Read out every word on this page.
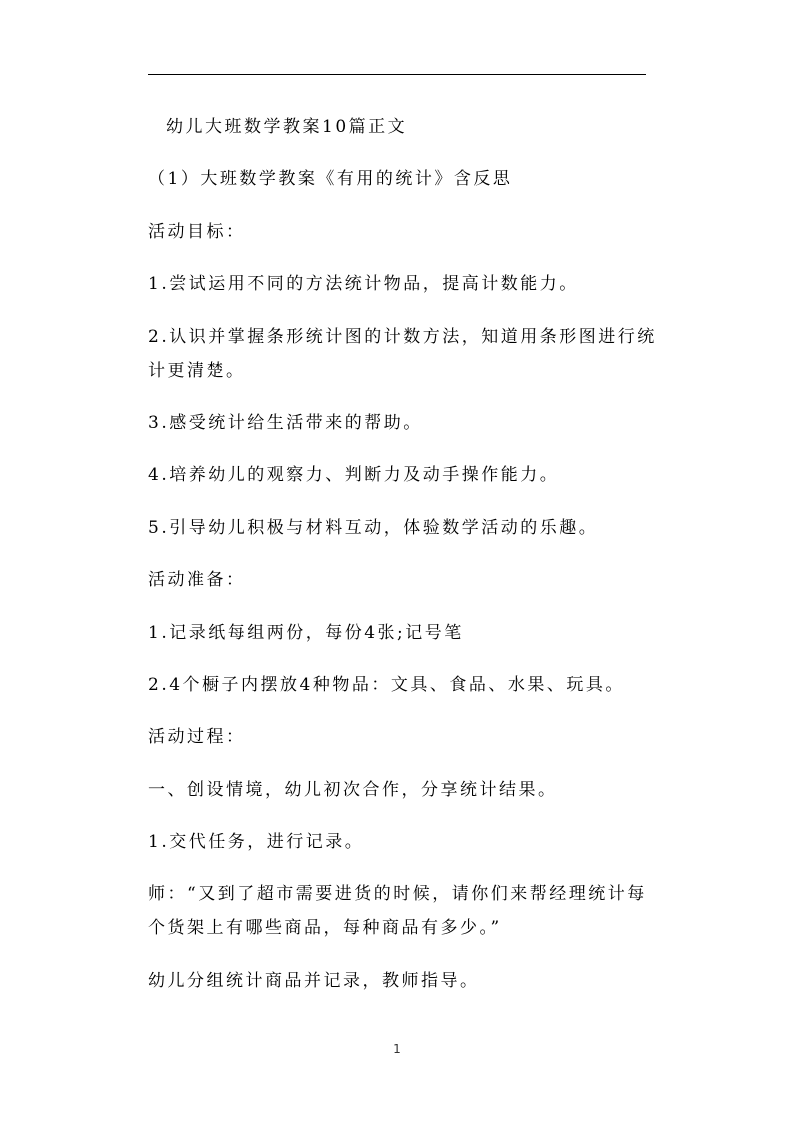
幼儿大班数学教案10篇正文
（1）大班数学教案《有用的统计》含反思
活动目标：
1.尝试运用不同的方法统计物品，提高计数能力。
2.认识并掌握条形统计图的计数方法，知道用条形图进行统
计更清楚。
3.感受统计给生活带来的帮助。
4.培养幼儿的观察力、判断力及动手操作能力。
5.引导幼儿积极与材料互动，体验数学活动的乐趣。
活动准备：
1.记录纸每组两份，每份4张;记号笔
2.4个橱子内摆放4种物品：文具、食品、水果、玩具。
活动过程：
一、创设情境，幼儿初次合作，分享统计结果。
1.交代任务，进行记录。
师：“又到了超市需要进货的时候，请你们来帮经理统计每
个货架上有哪些商品，每种商品有多少。”
幼儿分组统计商品并记录，教师指导。
1
